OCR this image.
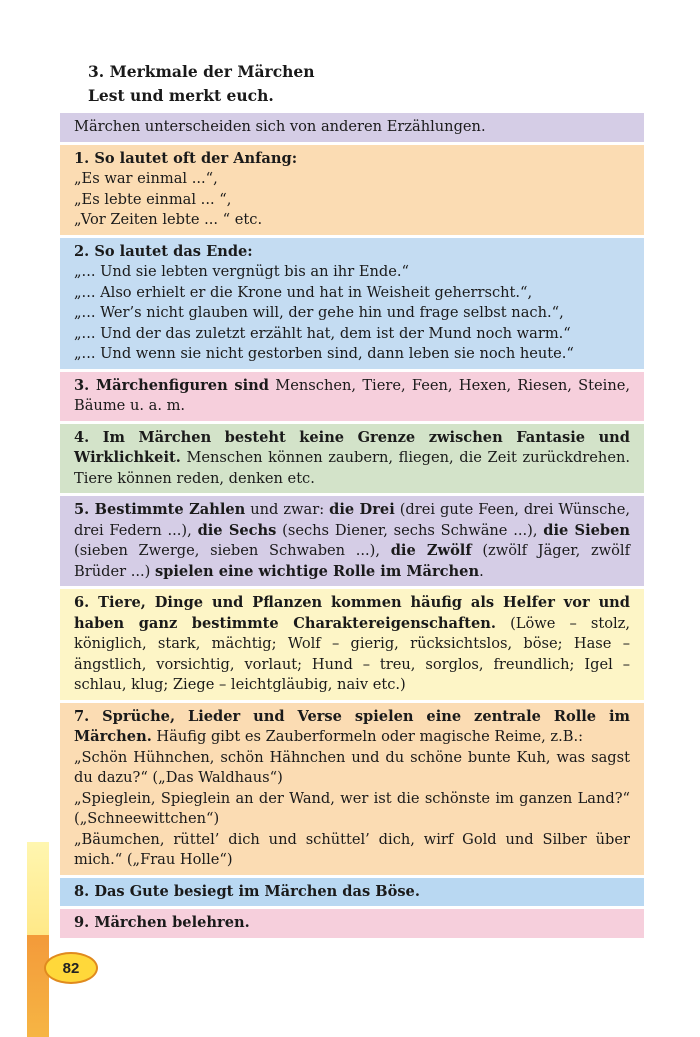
3. Merkmale der Märchen
Lest und merkt euch.
Märchen unterscheiden sich von anderen Erzählungen.
1. So lautet oft der Anfang:
„Es war einmal ...“,
„Es lebte einmal ... “,
„Vor Zeiten lebte ... “ etc.
2. So lautet das Ende:
„... Und sie lebten vergnügt bis an ihr Ende.“
„... Also erhielt er die Krone und hat in Weisheit geherrscht.“,
„... Wer’s nicht glauben will, der gehe hin und frage selbst nach.“,
„... Und der das zuletzt erzählt hat, dem ist der Mund noch warm.“
„... Und wenn sie nicht gestorben sind, dann leben sie noch heute.“
3. Märchenfiguren sind Menschen, Tiere, Feen, Hexen, Riesen, Steine, Bäume u. a. m.
4. Im Märchen besteht keine Grenze zwischen Fantasie und Wirklichkeit. Menschen können zaubern, fliegen, die Zeit zurückdrehen. Tiere können reden, denken etc.
5. Bestimmte Zahlen und zwar: die Drei (drei gute Feen, drei Wünsche, drei Federn ...), die Sechs (sechs Diener, sechs Schwäne ...), die Sieben (sieben Zwerge, sieben Schwaben ...), die Zwölf (zwölf Jäger, zwölf Brüder ...) spielen eine wichtige Rolle im Märchen.
6. Tiere, Dinge und Pflanzen kommen häufig als Helfer vor und haben ganz bestimmte Charaktereigenschaften. (Löwe – stolz, königlich, stark, mächtig; Wolf – gierig, rücksichtslos, böse; Hase – ängstlich, vorsichtig, vorlaut; Hund – treu, sorglos, freundlich; Igel – schlau, klug; Ziege – leichtgläubig, naiv etc.)
7. Sprüche, Lieder und Verse spielen eine zentrale Rolle im Märchen. Häufig gibt es Zauberformeln oder magische Reime, z.B.:
„Schön Hühnchen, schön Hähnchen und du schöne bunte Kuh, was sagst du dazu?“ („Das Waldhaus“)
„Spieglein, Spieglein an der Wand, wer ist die schönste im ganzen Land?“ („Schneewittchen“)
„Bäumchen, rüttel’ dich und schüttel’ dich, wirf Gold und Silber über mich.“ („Frau Holle“)
8. Das Gute besiegt im Märchen das Böse.
9. Märchen belehren.
82
